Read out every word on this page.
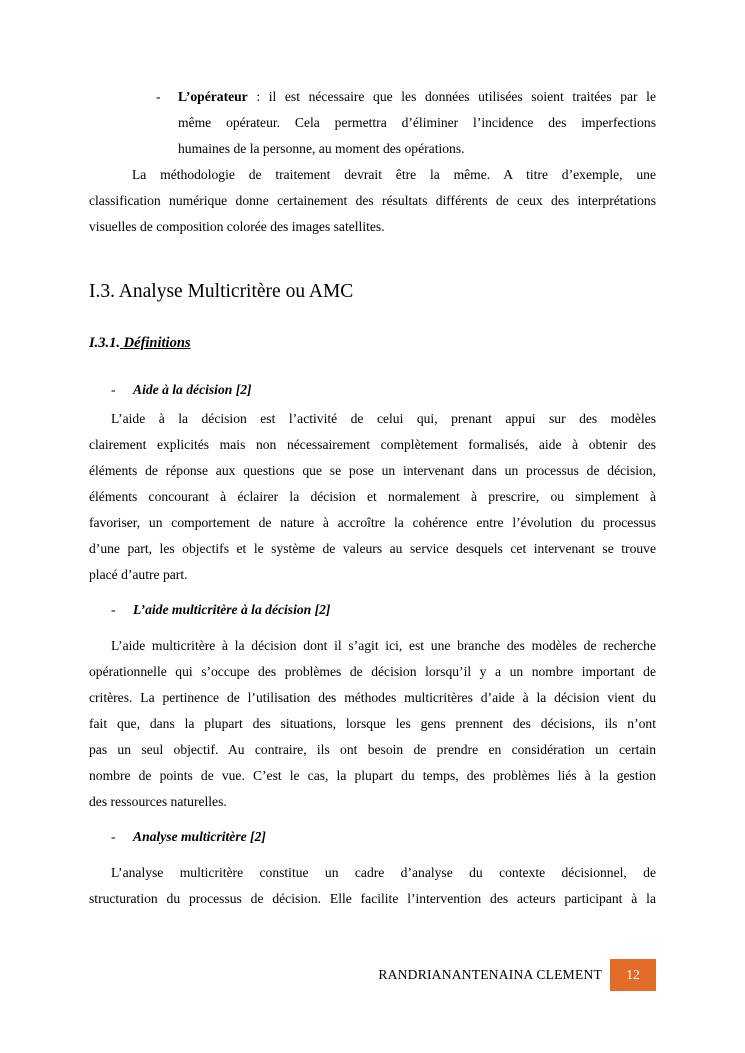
- L’opérateur : il est nécessaire que les données utilisées soient traitées par le

même opérateur. Cela permettra d’éliminer l’incidence des imperfections

humaines de la personne, au moment des opérations.

La méthodologie de traitement devrait être la même. A titre d’exemple, une

classification numérique donne certainement des résultats différents de ceux des interprétations

visuelles de composition colorée des images satellites.

I.3. Analyse Multicritère ou AMC
I.3.1. Définitions
- Aide à la décision [2]

L’aide à la décision est l’activité de celui qui, prenant appui sur des modèles

clairement explicités mais non nécessairement complètement formalisés, aide à obtenir des

éléments de réponse aux questions que se pose un intervenant dans un processus de décision,

éléments concourant à éclairer la décision et normalement à prescrire, ou simplement à

favoriser, un comportement de nature à accroître la cohérence entre l’évolution du processus

d’une part, les objectifs et le système de valeurs au service desquels cet intervenant se trouve

placé d’autre part.

- L’aide multicritère à la décision [2]

L’aide multicritère à la décision dont il s’agit ici, est une branche des modèles de recherche

opérationnelle qui s’occupe des problèmes de décision lorsqu’il y a un nombre important de

critères. La pertinence de l’utilisation des méthodes multicritères d’aide à la décision vient du

fait que, dans la plupart des situations, lorsque les gens prennent des décisions, ils n’ont

pas un seul objectif. Au contraire, ils ont besoin de prendre en considération un certain

nombre de points de vue. C’est le cas, la plupart du temps, des problèmes liés à la gestion

des ressources naturelles.

- Analyse multicritère [2]

L’analyse multicritère constitue un cadre d’analyse du contexte décisionnel, de

structuration du processus de décision. Elle facilite l’intervention des acteurs participant à la

RANDRIANANTENAINA CLEMENT	12
